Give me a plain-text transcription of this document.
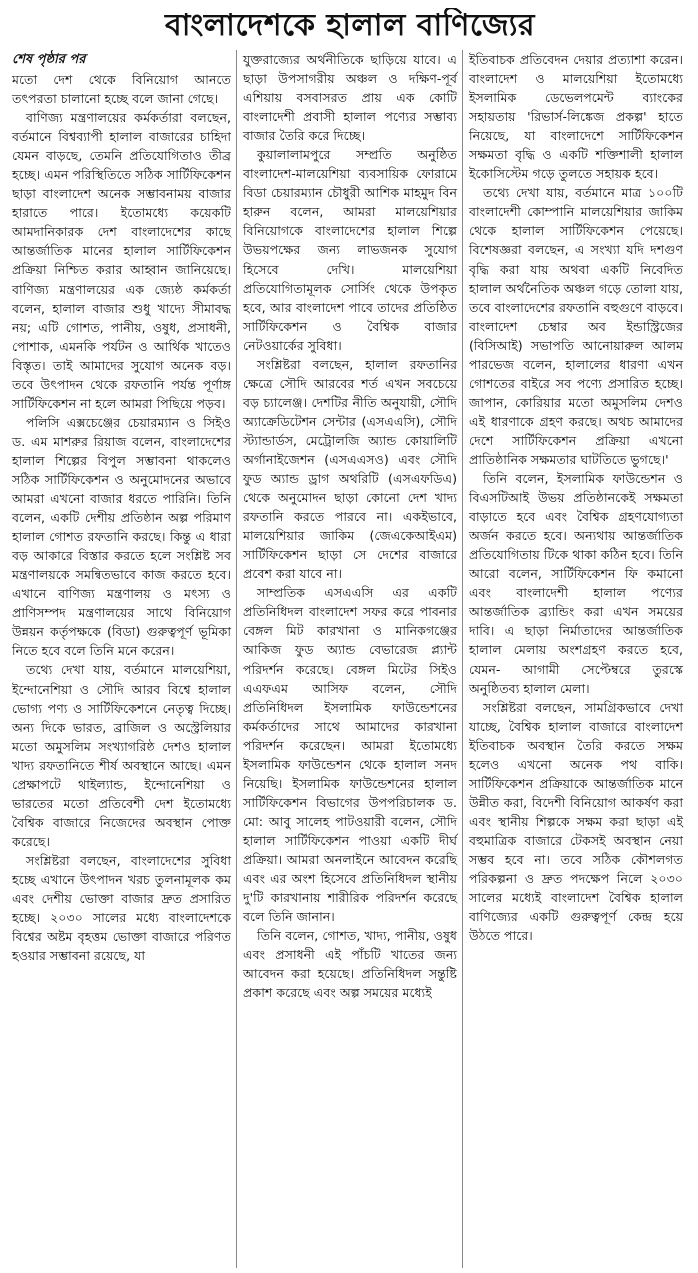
বাংলাদেশকে হালাল বাণিজ্যের

শেষ পৃষ্ঠার পর

মতো দেশ থেকে বিনিয়োগ আনতে তৎপরতা চালানো হচ্ছে বলে জানা গেছে।

বাণিজ্য মন্ত্রণালয়ের কর্মকর্তারা বলছেন, বর্তমানে বিশ্বব্যাপী হালাল বাজারের চাহিদা যেমন বাড়ছে, তেমনি প্রতিযোগিতাও তীব্র হচ্ছে। এমন পরিস্থিতিতে সঠিক সার্টিফিকেশন ছাড়া বাংলাদেশ অনেক সম্ভাবনাময় বাজার হারাতে পারে। ইতোমধ্যে কয়েকটি আমদানিকারক দেশ বাংলাদেশের কাছে আন্তর্জাতিক মানের হালাল সার্টিফিকেশন প্রক্রিয়া নিশ্চিত করার আহ্বান জানিয়েছে। বাণিজ্য মন্ত্রণালয়ের এক জ্যেষ্ঠ কর্মকর্তা বলেন, হালাল বাজার শুধু খাদ্যে সীমাবদ্ধ নয়; এটি গোশত, পানীয়, ওষুধ, প্রসাধনী, পোশাক, এমনকি পর্যটন ও আর্থিক খাতেও বিস্তৃত। তাই আমাদের সুযোগ অনেক বড়। তবে উৎপাদন থেকে রফতানি পর্যন্ত পূর্ণাঙ্গ সার্টিফিকেশন না হলে আমরা পিছিয়ে পড়ব।

পলিসি এক্সচেঞ্জের চেয়ারম্যান ও সিইও ড. এম মাশরুর রিয়াজ বলেন, বাংলাদেশের হালাল শিল্পের বিপুল সম্ভাবনা থাকলেও সঠিক সার্টিফিকেশন ও অনুমোদনের অভাবে আমরা এখনো বাজার ধরতে পারিনি। তিনি বলেন, একটি দেশীয় প্রতিষ্ঠান অল্প পরিমাণ হালাল গোশত রফতানি করছে। কিন্তু এ ধারা বড় আকারে বিস্তার করতে হলে সংশ্লিষ্ট সব মন্ত্রণালয়কে সমন্বিতভাবে কাজ করতে হবে। এখানে বাণিজ্য মন্ত্রণালয় ও মৎস্য ও প্রাণিসম্পদ মন্ত্রণালয়ের সাথে বিনিয়োগ উন্নয়ন কর্তৃপক্ষকে (বিডা) গুরুত্বপূর্ণ ভূমিকা নিতে হবে বলে তিনি মনে করেন।

তথ্যে দেখা যায়, বর্তমানে মালয়েশিয়া, ইন্দোনেশিয়া ও সৌদি আরব বিশ্বে হালাল ভোগ্য পণ্য ও সার্টিফিকেশনে নেতৃত্ব দিচ্ছে। অন্য দিকে ভারত, ব্রাজিল ও অস্ট্রেলিয়ার মতো অমুসলিম সংখ্যাগরিষ্ঠ দেশও হালাল খাদ্য রফতানিতে শীর্ষ অবস্থানে আছে। এমন প্রেক্ষাপটে থাইল্যান্ড, ইন্দোনেশিয়া ও ভারতের মতো প্রতিবেশী দেশ ইতোমধ্যে বৈশ্বিক বাজারে নিজেদের অবস্থান পোক্ত করেছে।

সংশ্লিষ্টরা বলছেন, বাংলাদেশের সুবিধা হচ্ছে এখানে উৎপাদন খরচ তুলনামূলক কম এবং দেশীয় ভোক্তা বাজার দ্রুত প্রসারিত হচ্ছে। ২০৩০ সালের মধ্যে বাংলাদেশকে বিশ্বের অষ্টম বৃহত্তম ভোক্তা বাজারে পরিণত হওয়ার সম্ভাবনা রয়েছে, যা

যুক্তরাজ্যের অর্থনীতিকে ছাড়িয়ে যাবে। এ ছাড়া উপসাগরীয় অঞ্চল ও দক্ষিণ-পূর্ব এশিয়ায় বসবাসরত প্রায় এক কোটি বাংলাদেশী প্রবাসী হালাল পণ্যের সম্ভাব্য বাজার তৈরি করে দিচ্ছে।

কুয়ালালামপুরে সম্প্রতি অনুষ্ঠিত বাংলাদেশ-মালয়েশিয়া ব্যবসায়িক ফোরামে বিডা চেয়ারম্যান চৌধুরী আশিক মাহমুদ বিন হারুন বলেন, আমরা মালয়েশিয়ার বিনিয়োগকে বাংলাদেশের হালাল শিল্পে উভয়পক্ষের জন্য লাভজনক সুযোগ হিসেবে দেখি। মালয়েশিয়া প্রতিযোগিতামূলক সোর্সিং থেকে উপকৃত হবে, আর বাংলাদেশ পাবে তাদের প্রতিষ্ঠিত সার্টিফিকেশন ও বৈশ্বিক বাজার নেটওয়ার্কের সুবিধা।

সংশ্লিষ্টরা বলছেন, হালাল রফতানির ক্ষেত্রে সৌদি আরবের শর্ত এখন সবচেয়ে বড় চ্যালেঞ্জ। দেশটির নীতি অনুযায়ী, সৌদি অ্যাক্রেডিটেশন সেন্টার (এসএএসি), সৌদি স্ট্যান্ডার্ডস, মেট্রোলজি অ্যান্ড কোয়ালিটি অর্গানাইজেশন (এসএএসও) এবং সৌদি ফুড অ্যান্ড ড্রাগ অথরিটি (এসএফডিএ) থেকে অনুমোদন ছাড়া কোনো দেশ খাদ্য রফতানি করতে পারবে না। একইভাবে, মালয়েশিয়ার জাকিম (জেএকেআইএম) সার্টিফিকেশন ছাড়া সে দেশের বাজারে প্রবেশ করা যাবে না।

সাম্প্রতিক এসএএসি এর একটি প্রতিনিধিদল বাংলাদেশ সফর করে পাবনার বেঙ্গল মিট কারখানা ও মানিকগঞ্জের আকিজ ফুড অ্যান্ড বেভারেজ প্ল্যান্ট পরিদর্শন করেছে। বেঙ্গল মিটের সিইও এএফএম আসিফ বলেন, সৌদি প্রতিনিধিদল ইসলামিক ফাউন্ডেশনের কর্মকর্তাদের সাথে আমাদের কারখানা পরিদর্শন করেছেন। আমরা ইতোমধ্যে ইসলামিক ফাউন্ডেশন থেকে হালাল সনদ নিয়েছি। ইসলামিক ফাউন্ডেশনের হালাল সার্টিফিকেশন বিভাগের উপপরিচালক ড. মো: আবু সালেহ পাটওয়ারী বলেন, সৌদি হালাল সার্টিফিকেশন পাওয়া একটি দীর্ঘ প্রক্রিয়া। আমরা অনলাইনে আবেদন করেছি এবং এর অংশ হিসেবে প্রতিনিধিদল স্থানীয় দু'টি কারখানায় শারীরিক পরিদর্শন করেছে বলে তিনি জানান।

তিনি বলেন, গোশত, খাদ্য, পানীয়, ওষুধ এবং প্রসাধনী এই পাঁচটি খাতের জন্য আবেদন করা হয়েছে। প্রতিনিধিদল সন্তুষ্টি প্রকাশ করেছে এবং অল্প সময়ের মধ্যেই

ইতিবাচক প্রতিবেদন দেয়ার প্রত্যাশা করেন। বাংলাদেশ ও মালয়েশিয়া ইতোমধ্যে ইসলামিক ডেভেলপমেন্ট ব্যাংকের সহায়তায় 'রিভার্স-লিঙ্কেজ প্রকল্প' হাতে নিয়েছে, যা বাংলাদেশে সার্টিফিকেশন সক্ষমতা বৃদ্ধি ও একটি শক্তিশালী হালাল ইকোসিস্টেম গড়ে তুলতে সহায়ক হবে।

তথ্যে দেখা যায়, বর্তমানে মাত্র ১০০টি বাংলাদেশী কোম্পানি মালয়েশিয়ার জাকিম থেকে হালাল সার্টিফিকেশন পেয়েছে। বিশেষজ্ঞরা বলছেন, এ সংখ্যা যদি দশগুণ বৃদ্ধি করা যায় অথবা একটি নিবেদিত হালাল অর্থনৈতিক অঞ্চল গড়ে তোলা যায়, তবে বাংলাদেশের রফতানি বহুগুণে বাড়বে। বাংলাদেশ চেম্বার অব ইন্ডাস্ট্রিজের (বিসিআই) সভাপতি আনোয়ারুল আলম পারভেজ বলেন, হালালের ধারণা এখন গোশতের বাইরে সব পণ্যে প্রসারিত হচ্ছে। জাপান, কোরিয়ার মতো অমুসলিম দেশও এই ধারণাকে গ্রহণ করছে। অথচ আমাদের দেশে সার্টিফিকেশন প্রক্রিয়া এখনো প্রাতিষ্ঠানিক সক্ষমতার ঘাটতিতে ভুগছে।'

তিনি বলেন, ইসলামিক ফাউন্ডেশন ও বিএসটিআই উভয় প্রতিষ্ঠানকেই সক্ষমতা বাড়াতে হবে এবং বৈশ্বিক গ্রহণযোগ্যতা অর্জন করতে হবে। অন্যথায় আন্তর্জাতিক প্রতিযোগিতায় টিকে থাকা কঠিন হবে। তিনি আরো বলেন, সার্টিফিকেশন ফি কমানো এবং বাংলাদেশী হালাল পণ্যের আন্তর্জাতিক ব্র্যান্ডিং করা এখন সময়ের দাবি। এ ছাড়া নির্মাতাদের আন্তর্জাতিক হালাল মেলায় অংশগ্রহণ করতে হবে, যেমন- আগামী সেপ্টেম্বরে তুরস্কে অনুষ্ঠিতব্য হালাল মেলা।

সংশ্লিষ্টরা বলছেন, সামগ্রিকভাবে দেখা যাচ্ছে, বৈশ্বিক হালাল বাজারে বাংলাদেশ ইতিবাচক অবস্থান তৈরি করতে সক্ষম হলেও এখনো অনেক পথ বাকি। সার্টিফিকেশন প্রক্রিয়াকে আন্তর্জাতিক মানে উন্নীত করা, বিদেশী বিনিয়োগ আকর্ষণ করা এবং স্থানীয় শিল্পকে সক্ষম করা ছাড়া এই বহুমাত্রিক বাজারে টেকসই অবস্থান নেয়া সম্ভব হবে না। তবে সঠিক কৌশলগত পরিকল্পনা ও দ্রুত পদক্ষেপ নিলে ২০৩০ সালের মধ্যেই বাংলাদেশ বৈশ্বিক হালাল বাণিজ্যের একটি গুরুত্বপূর্ণ কেন্দ্র হয়ে উঠতে পারে।
